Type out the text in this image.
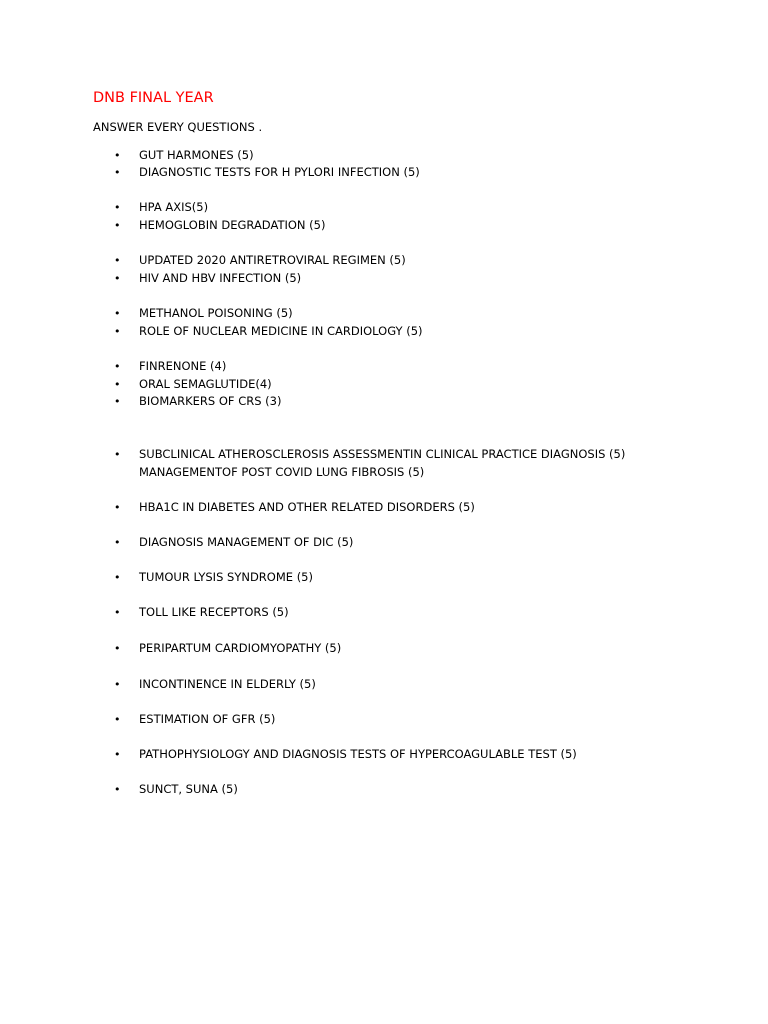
DNB FINAL YEAR
ANSWER EVERY QUESTIONS .
• GUT HARMONES (5)
• DIAGNOSTIC TESTS FOR H PYLORI INFECTION (5)
• HPA AXIS(5)
• HEMOGLOBIN DEGRADATION (5)
• UPDATED 2020 ANTIRETROVIRAL REGIMEN (5)
• HIV AND HBV INFECTION (5)
• METHANOL POISONING (5)
• ROLE OF NUCLEAR MEDICINE IN CARDIOLOGY (5)
• FINRENONE (4)
• ORAL SEMAGLUTIDE(4)
• BIOMARKERS OF CRS (3)
• SUBCLINICAL ATHEROSCLEROSIS ASSESSMENTIN CLINICAL PRACTICE DIAGNOSIS (5)
MANAGEMENTOF POST COVID LUNG FIBROSIS (5)
• HBA1C IN DIABETES AND OTHER RELATED DISORDERS (5)
• DIAGNOSIS MANAGEMENT OF DIC (5)
• TUMOUR LYSIS SYNDROME (5)
• TOLL LIKE RECEPTORS (5)
• PERIPARTUM CARDIOMYOPATHY (5)
• INCONTINENCE IN ELDERLY (5)
• ESTIMATION OF GFR (5)
• PATHOPHYSIOLOGY AND DIAGNOSIS TESTS OF HYPERCOAGULABLE TEST (5)
• SUNCT, SUNA (5)
